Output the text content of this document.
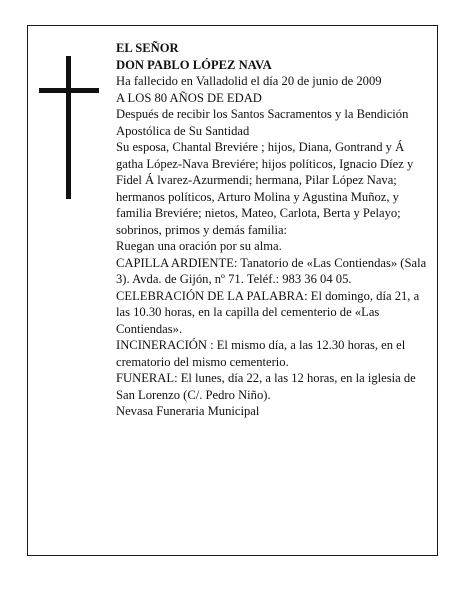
EL SEÑOR

DON PABLO LÓPEZ NAVA

Ha fallecido en Valladolid el día 20 de junio de 2009

A LOS 80 AÑOS DE EDAD

Después de recibir los Santos Sacramentos y la Bendición Apostólica de Su Santidad

Su esposa, Chantal Breviére ; hijos, Diana, Gontrand y Á gatha López-Nava Breviére; hijos políticos, Ignacio Díez y Fidel Á lvarez-Azurmendi; hermana, Pilar López Nava; hermanos políticos, Arturo Molina y Agustina Muñoz, y familia Breviére; nietos, Mateo, Carlota, Berta y Pelayo; sobrinos, primos y demás familia:

Ruegan una oración por su alma.

CAPILLA ARDIENTE: Tanatorio de «Las Contiendas» (Sala 3). Avda. de Gijón, nº 71. Teléf.: 983 36 04 05.

CELEBRACIÓN DE LA PALABRA: El domingo, día 21, a las 10.30 horas, en la capilla del cementerio de «Las Contiendas».

INCINERACIÓN : El mismo día, a las 12.30 horas, en el crematorio del mismo cementerio.

FUNERAL: El lunes, día 22, a las 12 horas, en la iglesia de San Lorenzo (C/. Pedro Niño).

Nevasa Funeraria Municipal
